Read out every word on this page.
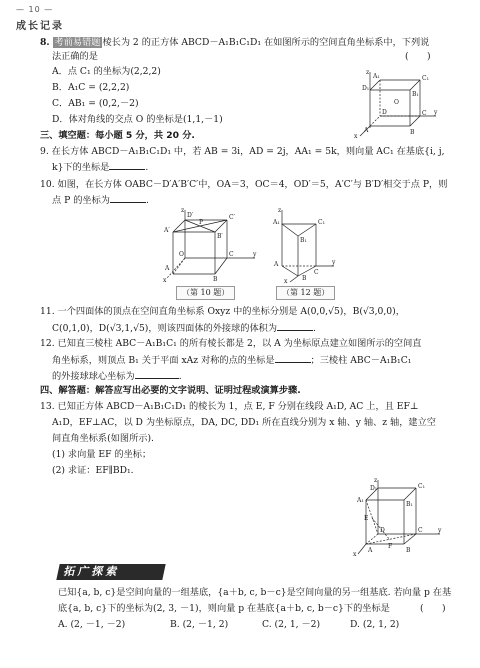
— 10 —
成长记录
8. 考前易错题 棱长为 2 的正方体 ABCD－A₁B₁C₁D₁ 在如图所示的空间直角坐标系中，下列说
法正确的是	(　　)
A．点 C₁ 的坐标为(2,2,2)
B．A₁C = (2,2,2)
C．AB₁ = (0,2,－2)
D．体对角线的交点 O 的坐标是(1,1,－1)
z
D₁
C₁
A₁
B₁
D	C y
A	B
x
O
三、填空题：每小题 5 分，共 20 分.
9. 在长方体 ABCD－A₁B₁C₁D₁ 中，若 AB = 3i，AD = 2j，AA₁ = 5k，则向量 AC₁ 在基底{i, j,
k}下的坐标是	.
10. 如图，在长方体 OABC－D′A′B′C′中，OA＝3，OC＝4，OD′＝5，A′C′与 B′D′相交于点 P，则
点 P 的坐标为	.
z
D′	C′
A′
P
B′
O	C	y
A
B
x
z
C₁
A₁
B₁
A
C
y
B
x
（第 10 题）	（第 12 题）
11. 一个四面体的顶点在空间直角坐标系 Oxyz 中的坐标分别是 A(0,0,√5)，B(√3,0,0)，
C(0,1,0)，D(√3,1,√5)，则该四面体的外接球的体积为	.
12. 已知直三棱柱 ABC－A₁B₁C₁ 的所有棱长都是 2，以 A 为坐标原点建立如图所示的空间直
角坐标系，则顶点 B₁ 关于平面 xAz 对称的点的坐标是	；三棱柱 ABC－A₁B₁C₁
的外接球球心坐标为	.
四、解答题：解答应写出必要的文字说明、证明过程或演算步骤.
13. 已知正方体 ABCD－A₁B₁C₁D₁ 的棱长为 1，点 E, F 分别在线段 A₁D, AC 上，且 EF⊥
A₁D，EF⊥AC，以 D 为坐标原点，DA, DC, DD₁ 所在直线分别为 x 轴、y 轴、z 轴，建立空
间直角坐标系(如图所示).
(1) 求向量 EF 的坐标；
(2) 求证：EF∥BD₁.
z
D₁	C₁
A₁
B₁
E
D
F
C	y
A	B
x
拓广探索
已知{a, b, c}是空间向量的一组基底，{a＋b, c, b－c}是空间向量的另一组基底. 若向量 p 在基
底{a, b, c}下的坐标为(2, 3, －1)，则向量 p 在基底{a＋b, c, b－c}下的坐标是	(　　)
A. (2, －1, －2)	B. (2, －1, 2)	C. (2, 1, －2)	D. (2, 1, 2)
